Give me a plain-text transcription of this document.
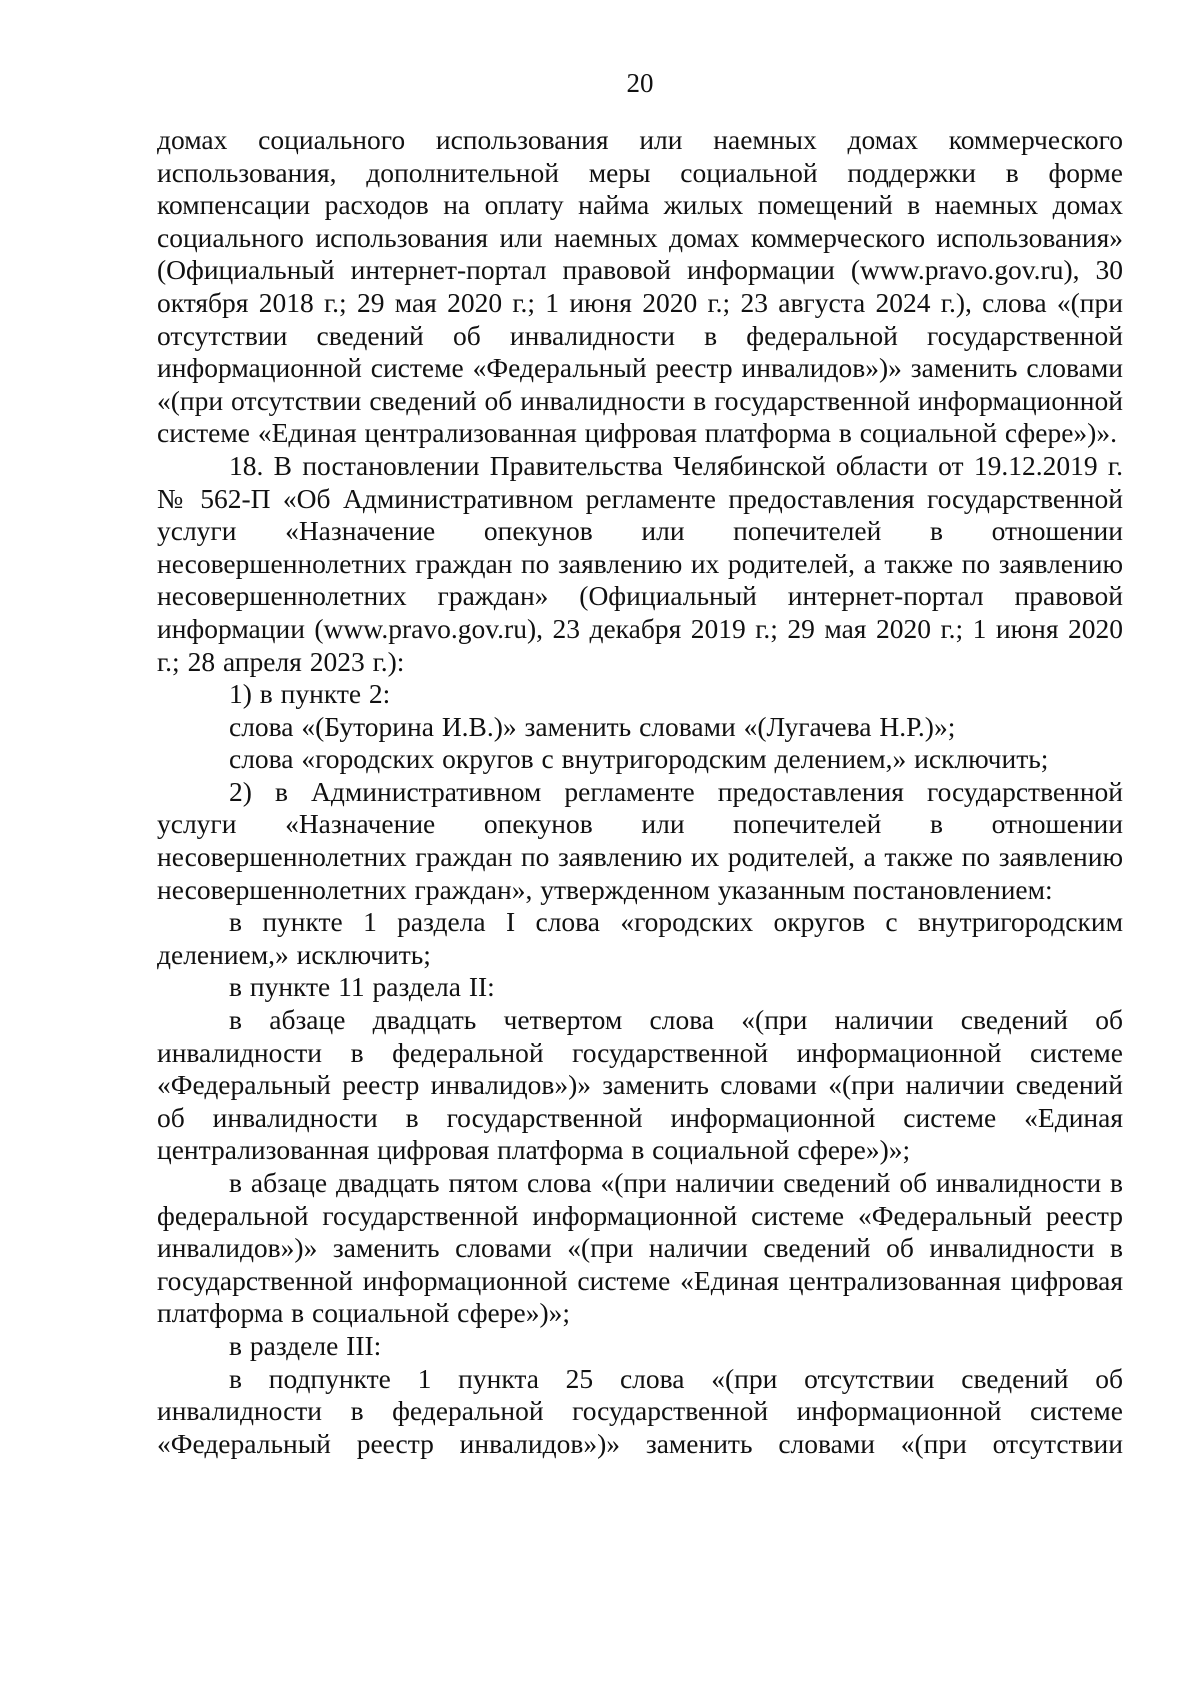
20

домах социального использования или наемных домах коммерческого использования, дополнительной меры социальной поддержки в форме компенсации расходов на оплату найма жилых помещений в наемных домах социального использования или наемных домах коммерческого использования» (Официальный интернет-портал правовой информации (www.pravo.gov.ru), 30 октября 2018 г.; 29 мая 2020 г.; 1 июня 2020 г.; 23 августа 2024 г.), слова «(при отсутствии сведений об инвалидности в федеральной государственной информационной системе «Федеральный реестр инвалидов»)» заменить словами «(при отсутствии сведений об инвалидности в государственной информационной системе «Единая централизованная цифровая платформа в социальной сфере»)».

18. В постановлении Правительства Челябинской области от 19.12.2019 г. № 562-П «Об Административном регламенте предоставления государственной услуги «Назначение опекунов или попечителей в отношении несовершеннолетних граждан по заявлению их родителей, а также по заявлению несовершеннолетних граждан» (Официальный интернет-портал правовой информации (www.pravo.gov.ru), 23 декабря 2019 г.; 29 мая 2020 г.; 1 июня 2020 г.; 28 апреля 2023 г.):

1) в пункте 2:

слова «(Буторина И.В.)» заменить словами «(Лугачева Н.Р.)»;

слова «городских округов с внутригородским делением,» исключить;

2) в Административном регламенте предоставления государственной услуги «Назначение опекунов или попечителей в отношении несовершеннолетних граждан по заявлению их родителей, а также по заявлению несовершеннолетних граждан», утвержденном указанным постановлением:

в пункте 1 раздела I слова «городских округов с внутригородским делением,» исключить;

в пункте 11 раздела II:

в абзаце двадцать четвертом слова «(при наличии сведений об инвалидности в федеральной государственной информационной системе «Федеральный реестр инвалидов»)» заменить словами «(при наличии сведений об инвалидности в государственной информационной системе «Единая централизованная цифровая платформа в социальной сфере»)»;

в абзаце двадцать пятом слова «(при наличии сведений об инвалидности в федеральной государственной информационной системе «Федеральный реестр инвалидов»)» заменить словами «(при наличии сведений об инвалидности в государственной информационной системе «Единая централизованная цифровая платформа в социальной сфере»)»;

в разделе III:

в подпункте 1 пункта 25 слова «(при отсутствии сведений об инвалидности в федеральной государственной информационной системе «Федеральный реестр инвалидов»)» заменить словами «(при отсутствии
